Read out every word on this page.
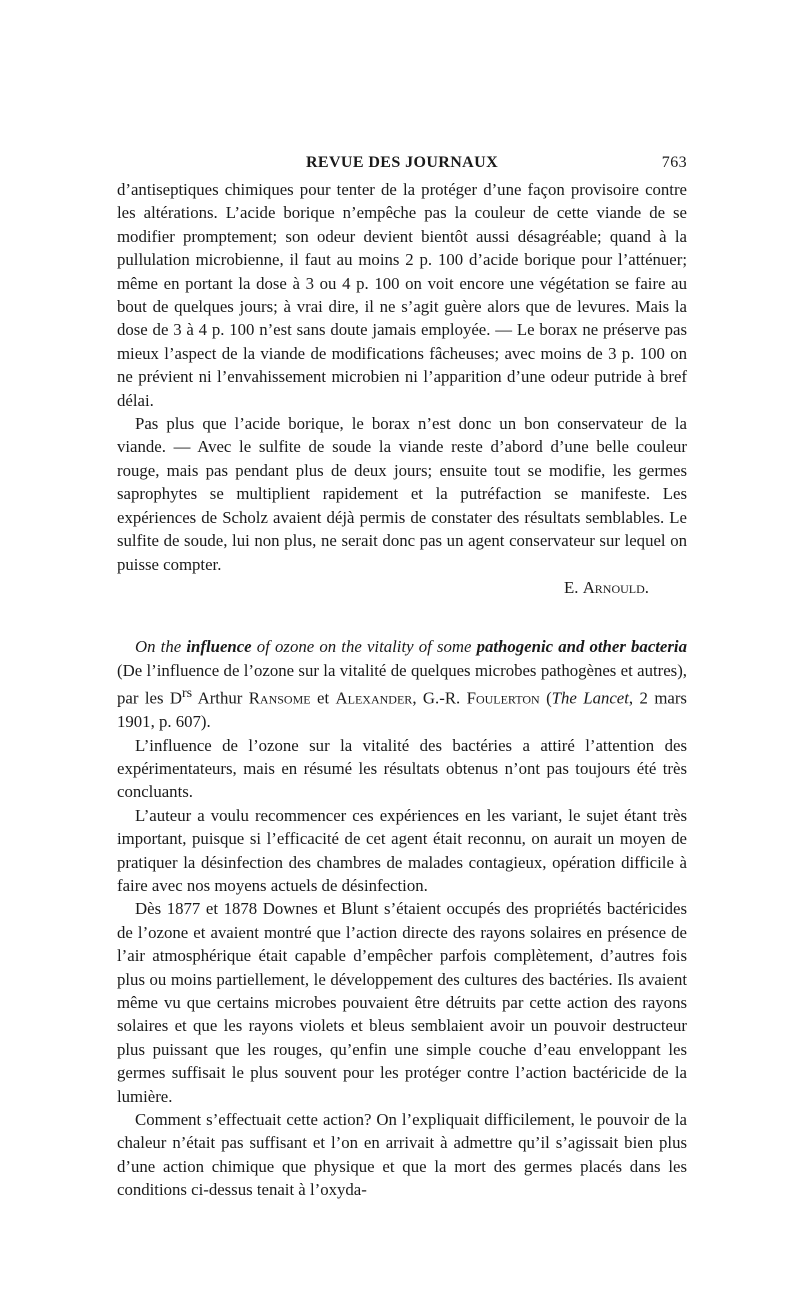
REVUE DES JOURNAUX	763

d’antiseptiques chimiques pour tenter de la protéger d’une façon provisoire contre les altérations. L’acide borique n’empêche pas la couleur de cette viande de se modifier promptement; son odeur devient bientôt aussi désagréable; quand à la pullulation microbienne, il faut au moins 2 p. 100 d’acide borique pour l’atténuer; même en portant la dose à 3 ou 4 p. 100 on voit encore une végétation se faire au bout de quelques jours; à vrai dire, il ne s’agit guère alors que de levures. Mais la dose de 3 à 4 p. 100 n’est sans doute jamais employée. — Le borax ne préserve pas mieux l’aspect de la viande de modifications fâcheuses; avec moins de 3 p. 100 on ne prévient ni l’envahissement microbien ni l’apparition d’une odeur putride à bref délai.

Pas plus que l’acide borique, le borax n’est donc un bon conservateur de la viande. — Avec le sulfite de soude la viande reste d’abord d’une belle couleur rouge, mais pas pendant plus de deux jours; ensuite tout se modifie, les germes saprophytes se multiplient rapidement et la putréfaction se manifeste. Les expériences de Scholz avaient déjà permis de constater des résultats semblables. Le sulfite de soude, lui non plus, ne serait donc pas un agent conservateur sur lequel on puisse compter.

E. Arnould.

On the influence of ozone on the vitality of some pathogenic and other bacteria (De l’influence de l’ozone sur la vitalité de quelques microbes pathogènes et autres), par les $D^{rs}$ Arthur Ransome et Alexander, G.-R. Foulerton (The Lancet, 2 mars 1901, p. 607).

L’influence de l’ozone sur la vitalité des bactéries a attiré l’attention des expérimentateurs, mais en résumé les résultats obtenus n’ont pas toujours été très concluants.

L’auteur a voulu recommencer ces expériences en les variant, le sujet étant très important, puisque si l’efficacité de cet agent était reconnu, on aurait un moyen de pratiquer la désinfection des chambres de malades contagieux, opération difficile à faire avec nos moyens actuels de désinfection.

Dès 1877 et 1878 Downes et Blunt s’étaient occupés des propriétés bactéricides de l’ozone et avaient montré que l’action directe des rayons solaires en présence de l’air atmosphérique était capable d’empêcher parfois complètement, d’autres fois plus ou moins partiellement, le développement des cultures des bactéries. Ils avaient même vu que certains microbes pouvaient être détruits par cette action des rayons solaires et que les rayons violets et bleus semblaient avoir un pouvoir destructeur plus puissant que les rouges, qu’enfin une simple couche d’eau enveloppant les germes suffisait le plus souvent pour les protéger contre l’action bactéricide de la lumière.

Comment s’effectuait cette action? On l’expliquait difficilement, le pouvoir de la chaleur n’était pas suffisant et l’on en arrivait à admettre qu’il s’agissait bien plus d’une action chimique que physique et que la mort des germes placés dans les conditions ci-dessus tenait à l’oxyda-
